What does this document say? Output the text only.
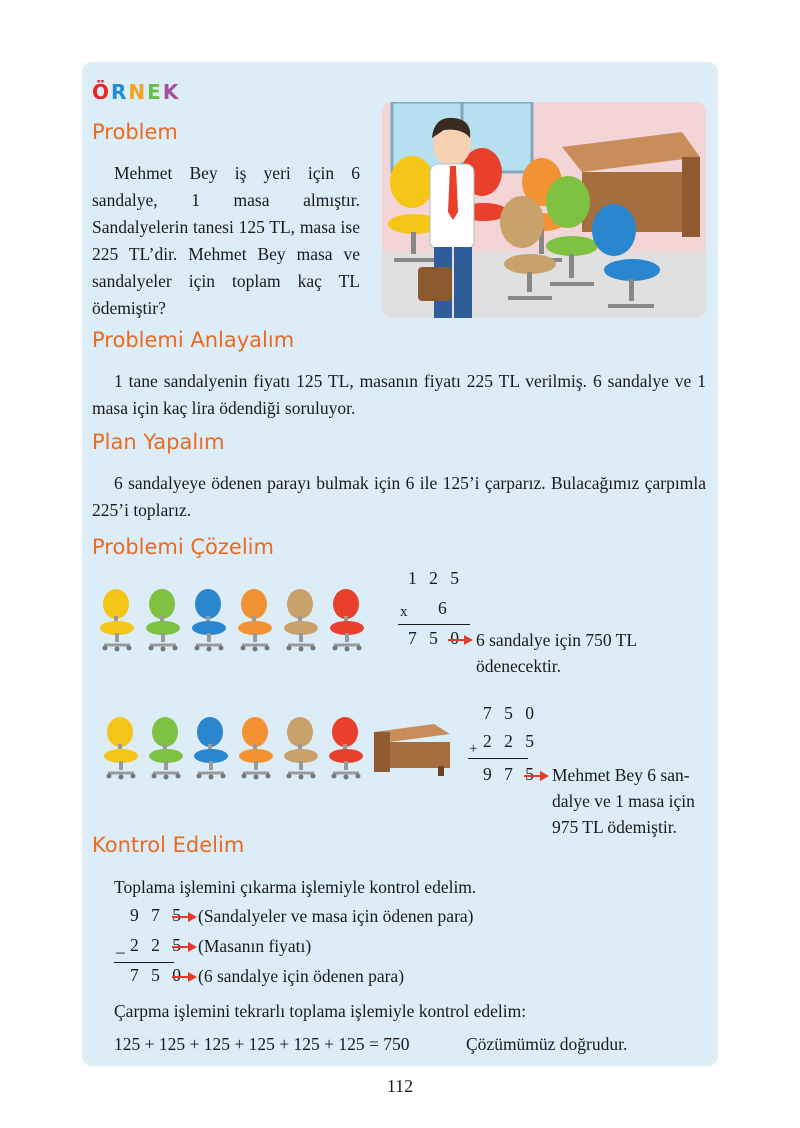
ÖRNEK
Problem

Mehmet Bey iş yeri için 6 sandalye, 1 masa almıştır. Sandalyelerin tanesi 125 TL, masa ise 225 TL’dir. Mehmet Bey masa ve sandalyeler için toplam kaç TL ödemiştir?

Problemi Anlayalım

1 tane sandalyenin fiyatı 125 TL, masanın fiyatı 225 TL verilmiş. 6 sandalye ve 1 masa için kaç lira ödendiği soruluyor.

Plan Yapalım

6 sandalyeye ödenen parayı bulmak için 6 ile 125’i çarparız. Bulacağımız çarpımla 225’i toplarız.

Problemi Çözelim
1 2 5
x 6
7 5 0 6 sandalye için 750 TL
ödenecektir.
7 5 0
+ 2 2 5
9 7 5 Mehmet Bey 6 san-
dalye ve 1 masa için
975 TL ödemiştir.
Kontrol Edelim
Toplama işlemini çıkarma işlemiyle kontrol edelim.
9 7 5 (Sandalyeler ve masa için ödenen para)
_ 2 2 5 (Masanın fiyatı)
7 5 0 (6 sandalye için ödenen para)
Çarpma işlemini tekrarlı toplama işlemiyle kontrol edelim:
125 + 125 + 125 + 125 + 125 + 125 = 750	Çözümümüz doğrudur.
112
